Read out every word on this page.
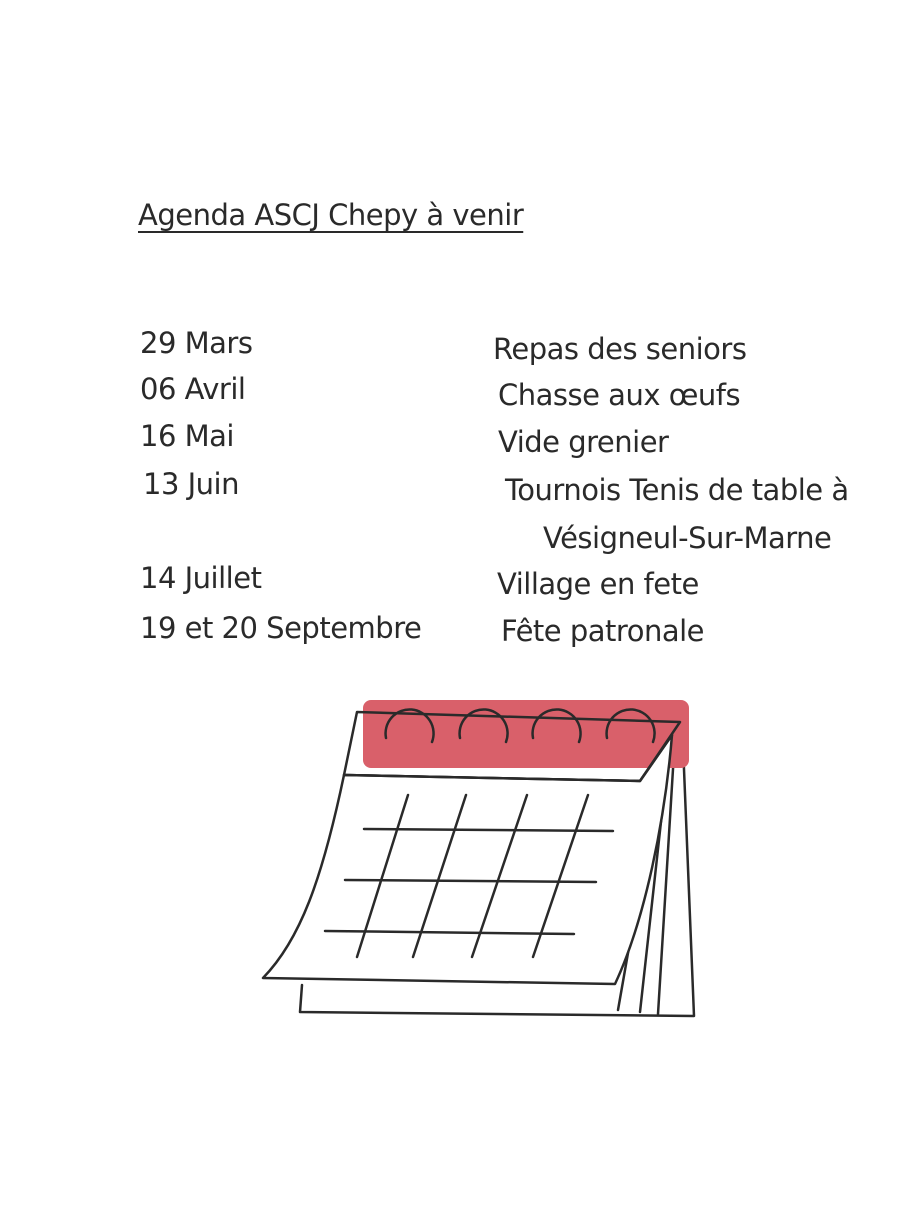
Agenda ASCJ Chepy à venir
29 Mars	Repas des seniors
06 Avril	Chasse aux œufs
16 Mai	Vide grenier
13 Juin	Tournois Tenis de table à
Vésigneul-Sur-Marne
14 Juillet	Village en fete
19 et 20 Septembre	Fête patronale
